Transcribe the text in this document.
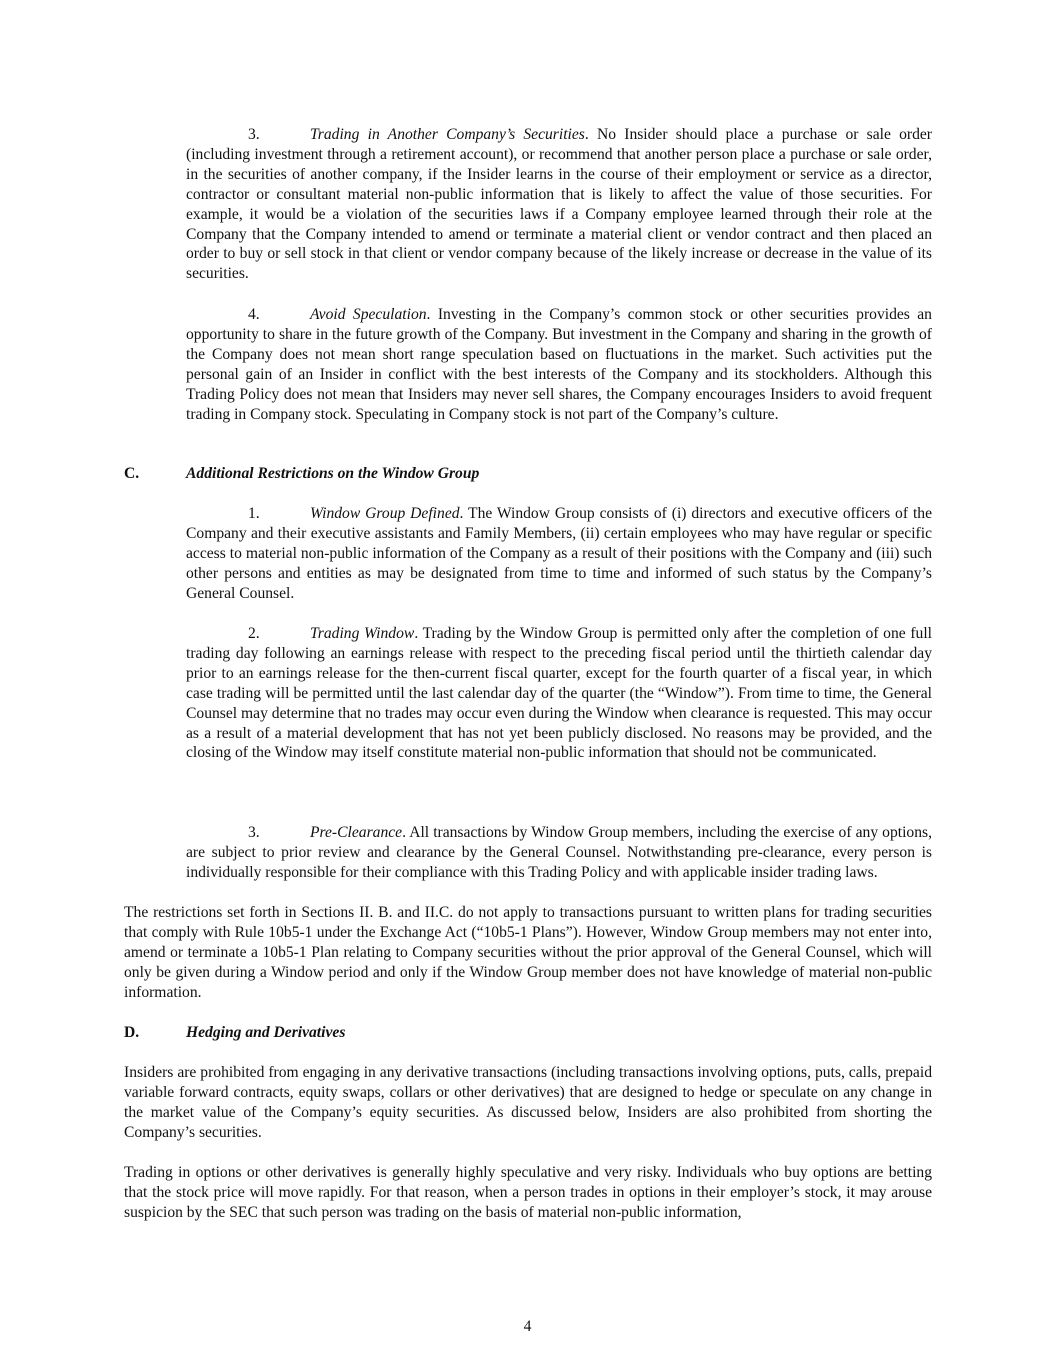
3.	Trading in Another Company’s Securities. No Insider should place a purchase or sale order (including investment through a retirement account), or recommend that another person place a purchase or sale order, in the securities of another company, if the Insider learns in the course of their employment or service as a director, contractor or consultant material non-public information that is likely to affect the value of those securities. For example, it would be a violation of the securities laws if a Company employee learned through their role at the Company that the Company intended to amend or terminate a material client or vendor contract and then placed an order to buy or sell stock in that client or vendor company because of the likely increase or decrease in the value of its securities.

4.	Avoid Speculation. Investing in the Company’s common stock or other securities provides an opportunity to share in the future growth of the Company. But investment in the Company and sharing in the growth of the Company does not mean short range speculation based on fluctuations in the market. Such activities put the personal gain of an Insider in conflict with the best interests of the Company and its stockholders. Although this Trading Policy does not mean that Insiders may never sell shares, the Company encourages Insiders to avoid frequent trading in Company stock. Speculating in Company stock is not part of the Company’s culture.

C.	Additional Restrictions on the Window Group

1.	Window Group Defined. The Window Group consists of (i) directors and executive officers of the Company and their executive assistants and Family Members, (ii) certain employees who may have regular or specific access to material non-public information of the Company as a result of their positions with the Company and (iii) such other persons and entities as may be designated from time to time and informed of such status by the Company’s General Counsel.

2.	Trading Window. Trading by the Window Group is permitted only after the completion of one full trading day following an earnings release with respect to the preceding fiscal period until the thirtieth calendar day prior to an earnings release for the then-current fiscal quarter, except for the fourth quarter of a fiscal year, in which case trading will be permitted until the last calendar day of the quarter (the “Window”). From time to time, the General Counsel may determine that no trades may occur even during the Window when clearance is requested. This may occur as a result of a material development that has not yet been publicly disclosed. No reasons may be provided, and the closing of the Window may itself constitute material non-public information that should not be communicated.

3.	Pre-Clearance. All transactions by Window Group members, including the exercise of any options, are subject to prior review and clearance by the General Counsel. Notwithstanding pre-clearance, every person is individually responsible for their compliance with this Trading Policy and with applicable insider trading laws.

The restrictions set forth in Sections II. B. and II.C. do not apply to transactions pursuant to written plans for trading securities that comply with Rule 10b5-1 under the Exchange Act (“10b5-1 Plans”). However, Window Group members may not enter into, amend or terminate a 10b5-1 Plan relating to Company securities without the prior approval of the General Counsel, which will only be given during a Window period and only if the Window Group member does not have knowledge of material non-public information.

D.	Hedging and Derivatives

Insiders are prohibited from engaging in any derivative transactions (including transactions involving options, puts, calls, prepaid variable forward contracts, equity swaps, collars or other derivatives) that are designed to hedge or speculate on any change in the market value of the Company’s equity securities. As discussed below, Insiders are also prohibited from shorting the Company’s securities.

Trading in options or other derivatives is generally highly speculative and very risky. Individuals who buy options are betting that the stock price will move rapidly. For that reason, when a person trades in options in their employer’s stock, it may arouse suspicion by the SEC that such person was trading on the basis of material non-public information,

4
